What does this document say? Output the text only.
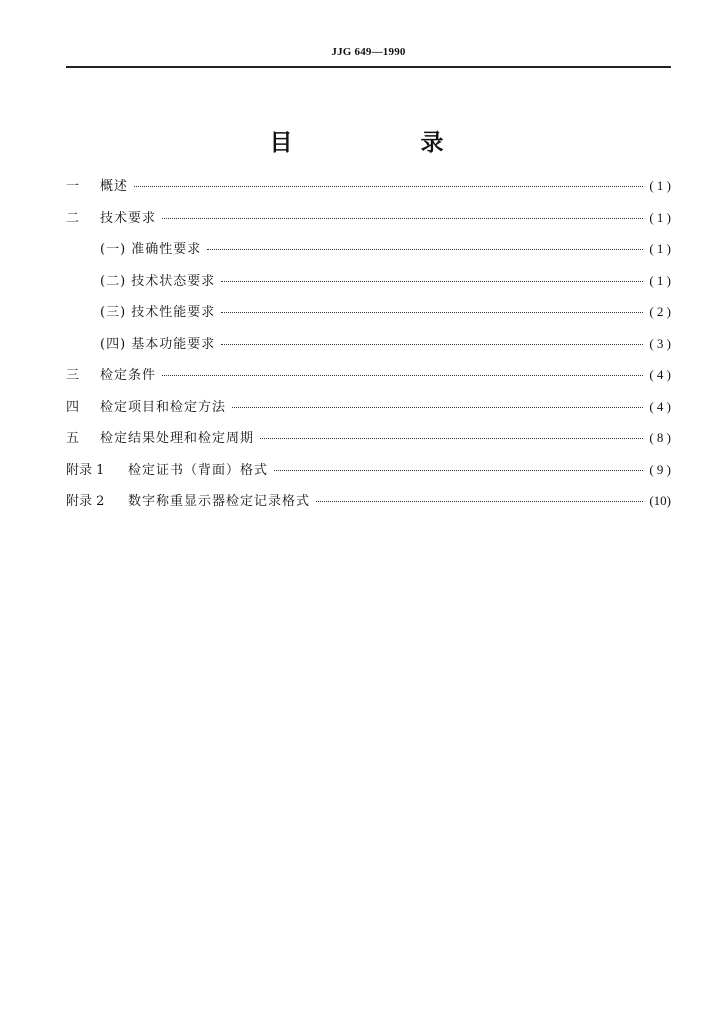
JJG 649—1990
目 录
一	概述	( 1 )
二	技术要求	( 1 )
(一) 准确性要求	( 1 )
(二) 技术状态要求	( 1 )
(三) 技术性能要求	( 2 )
(四) 基本功能要求	( 3 )
三	检定条件	( 4 )
四	检定项目和检定方法	( 4 )
五	检定结果处理和检定周期	( 8 )
附录 1	检定证书（背面）格式	( 9 )
附录 2	数字称重显示器检定记录格式	(10)
